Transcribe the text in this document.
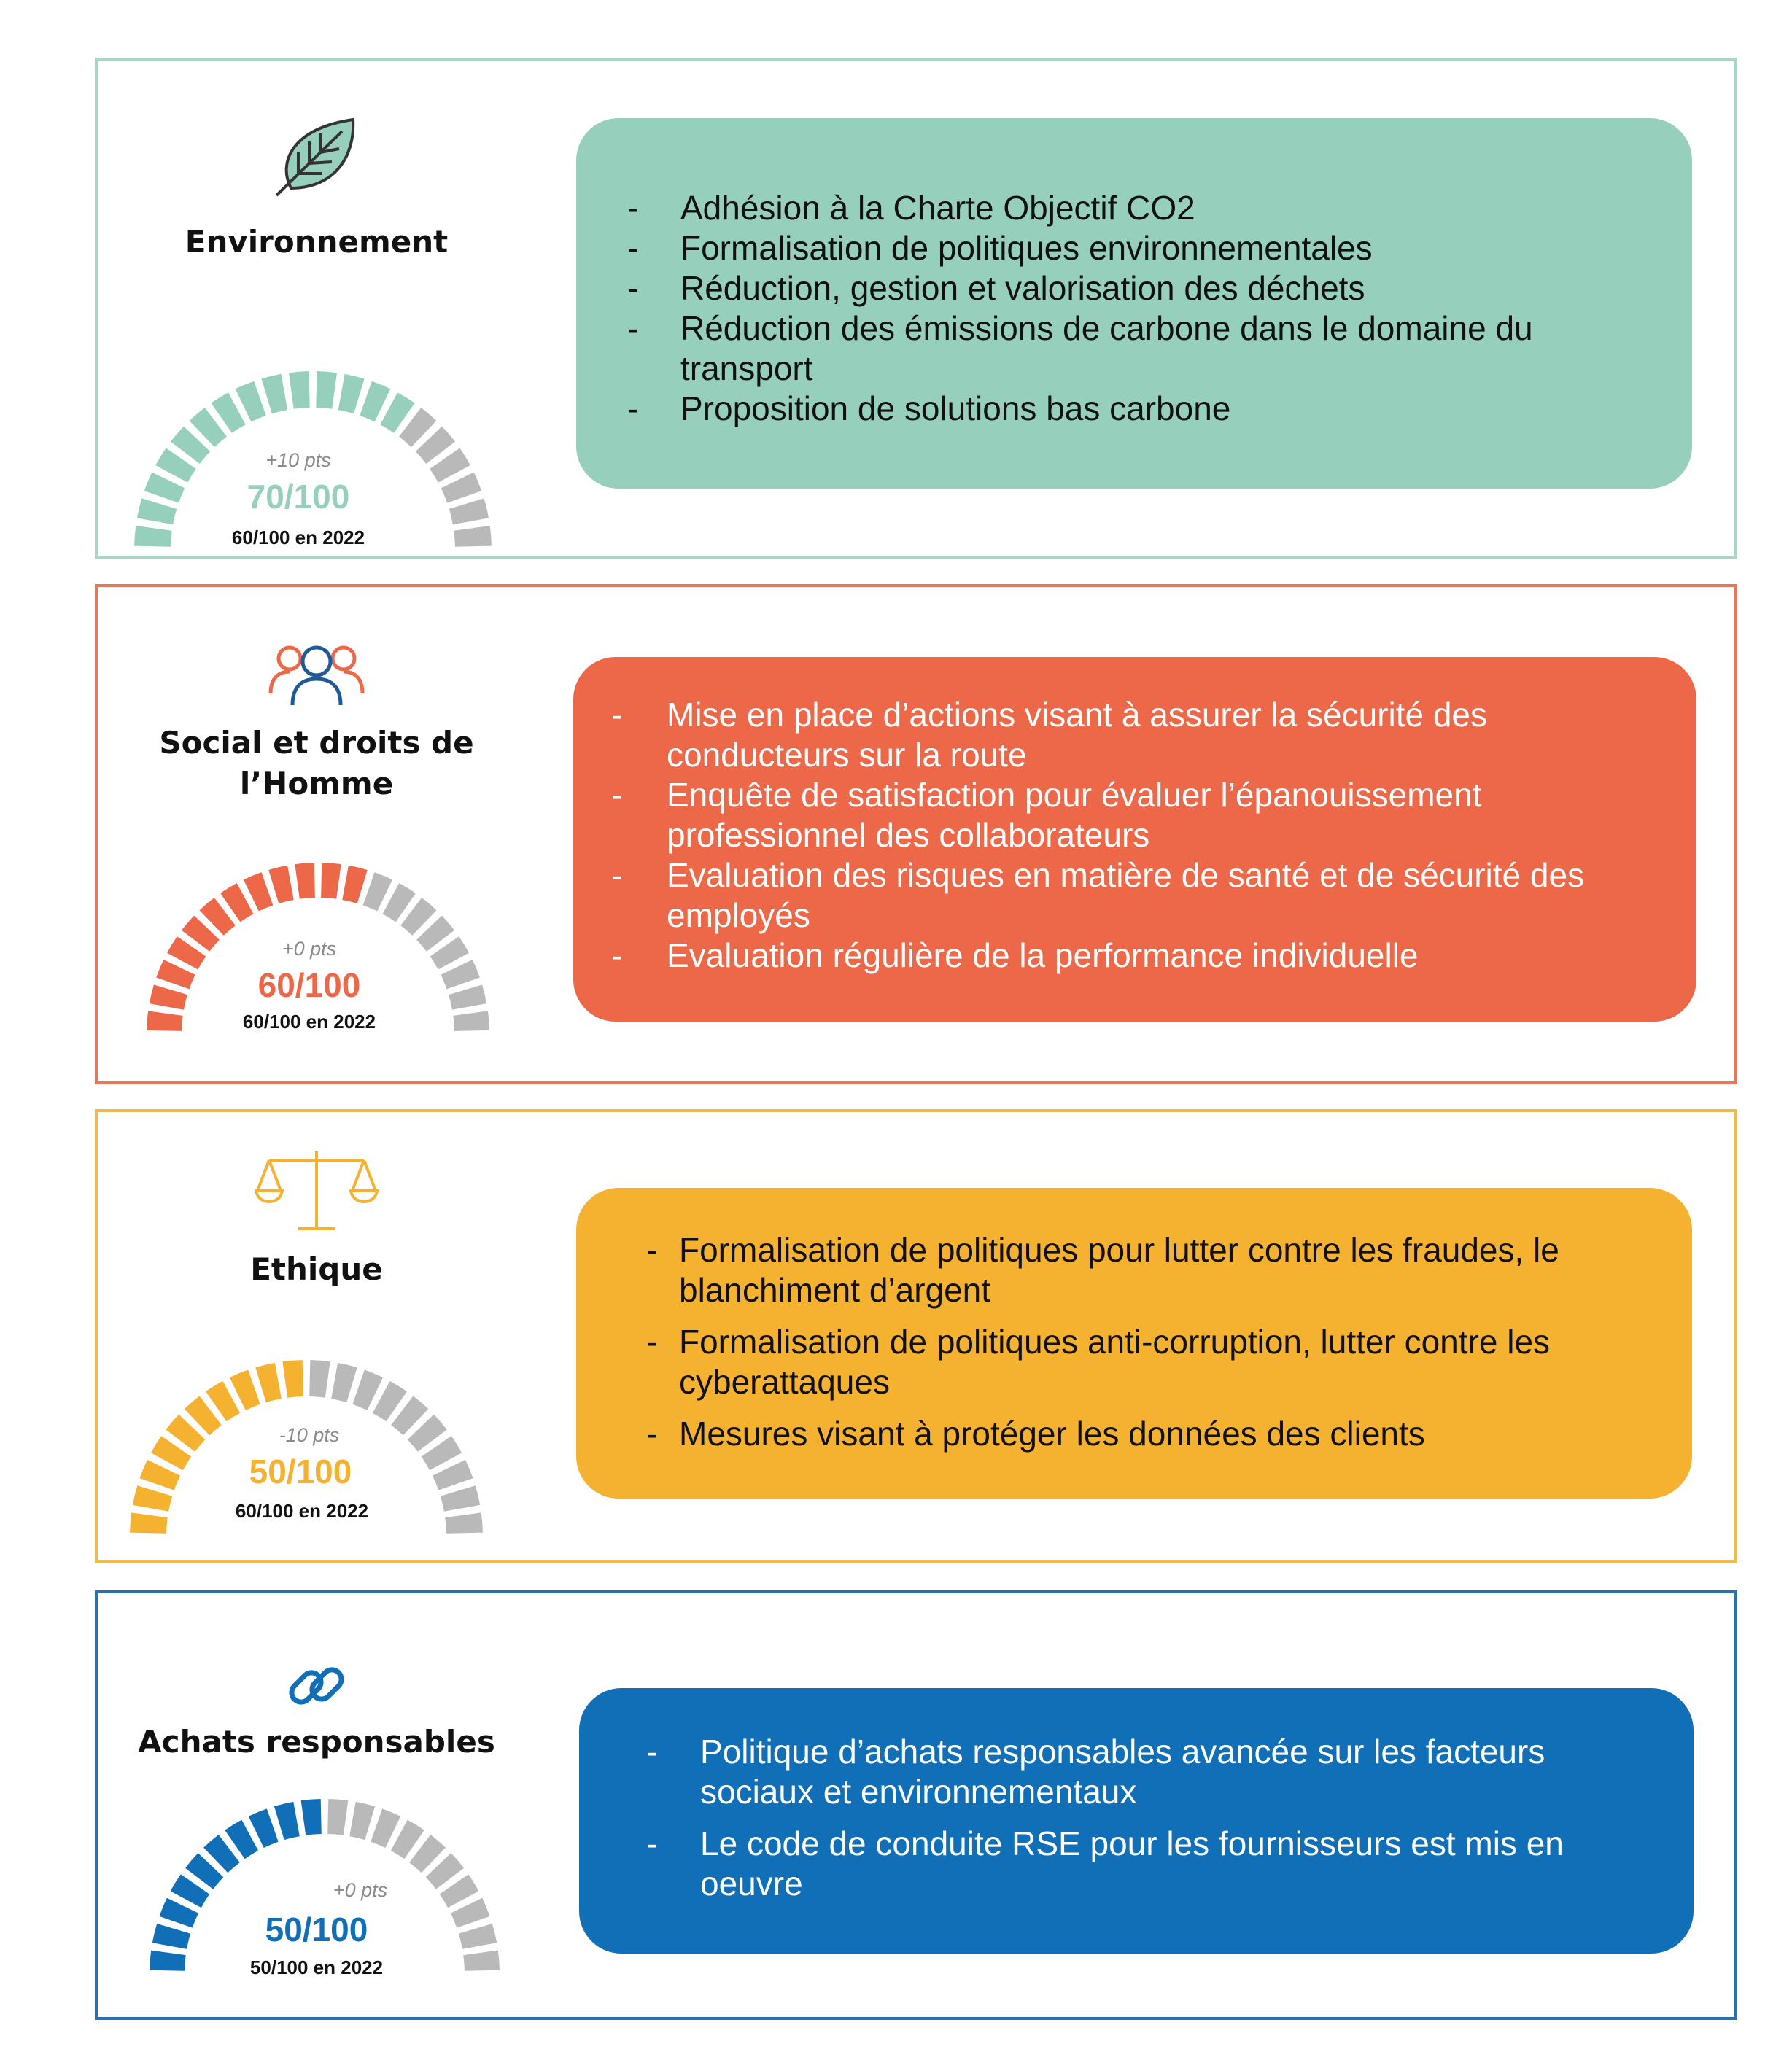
Environnement
+10 pts
70/100
60/100 en 2022
- Adhésion à la Charte Objectif CO2
- Formalisation de politiques environnementales
- Réduction, gestion et valorisation des déchets
- Réduction des émissions de carbone dans le domaine du transport
- Proposition de solutions bas carbone
Social et droits de
l’Homme
+0 pts
60/100
60/100 en 2022
- Mise en place d’actions visant à assurer la sécurité des conducteurs sur la route
- Enquête de satisfaction pour évaluer l’épanouissement professionnel des collaborateurs
- Evaluation des risques en matière de santé et de sécurité des employés
- Evaluation régulière de la performance individuelle
Ethique
-10 pts
50/100
60/100 en 2022
- Formalisation de politiques pour lutter contre les fraudes, le blanchiment d’argent
- Formalisation de politiques anti-corruption, lutter contre les cyberattaques
- Mesures visant à protéger les données des clients
Achats responsables
+0 pts
50/100
50/100 en 2022
- Politique d’achats responsables avancée sur les facteurs sociaux et environnementaux
- Le code de conduite RSE pour les fournisseurs est mis en oeuvre
